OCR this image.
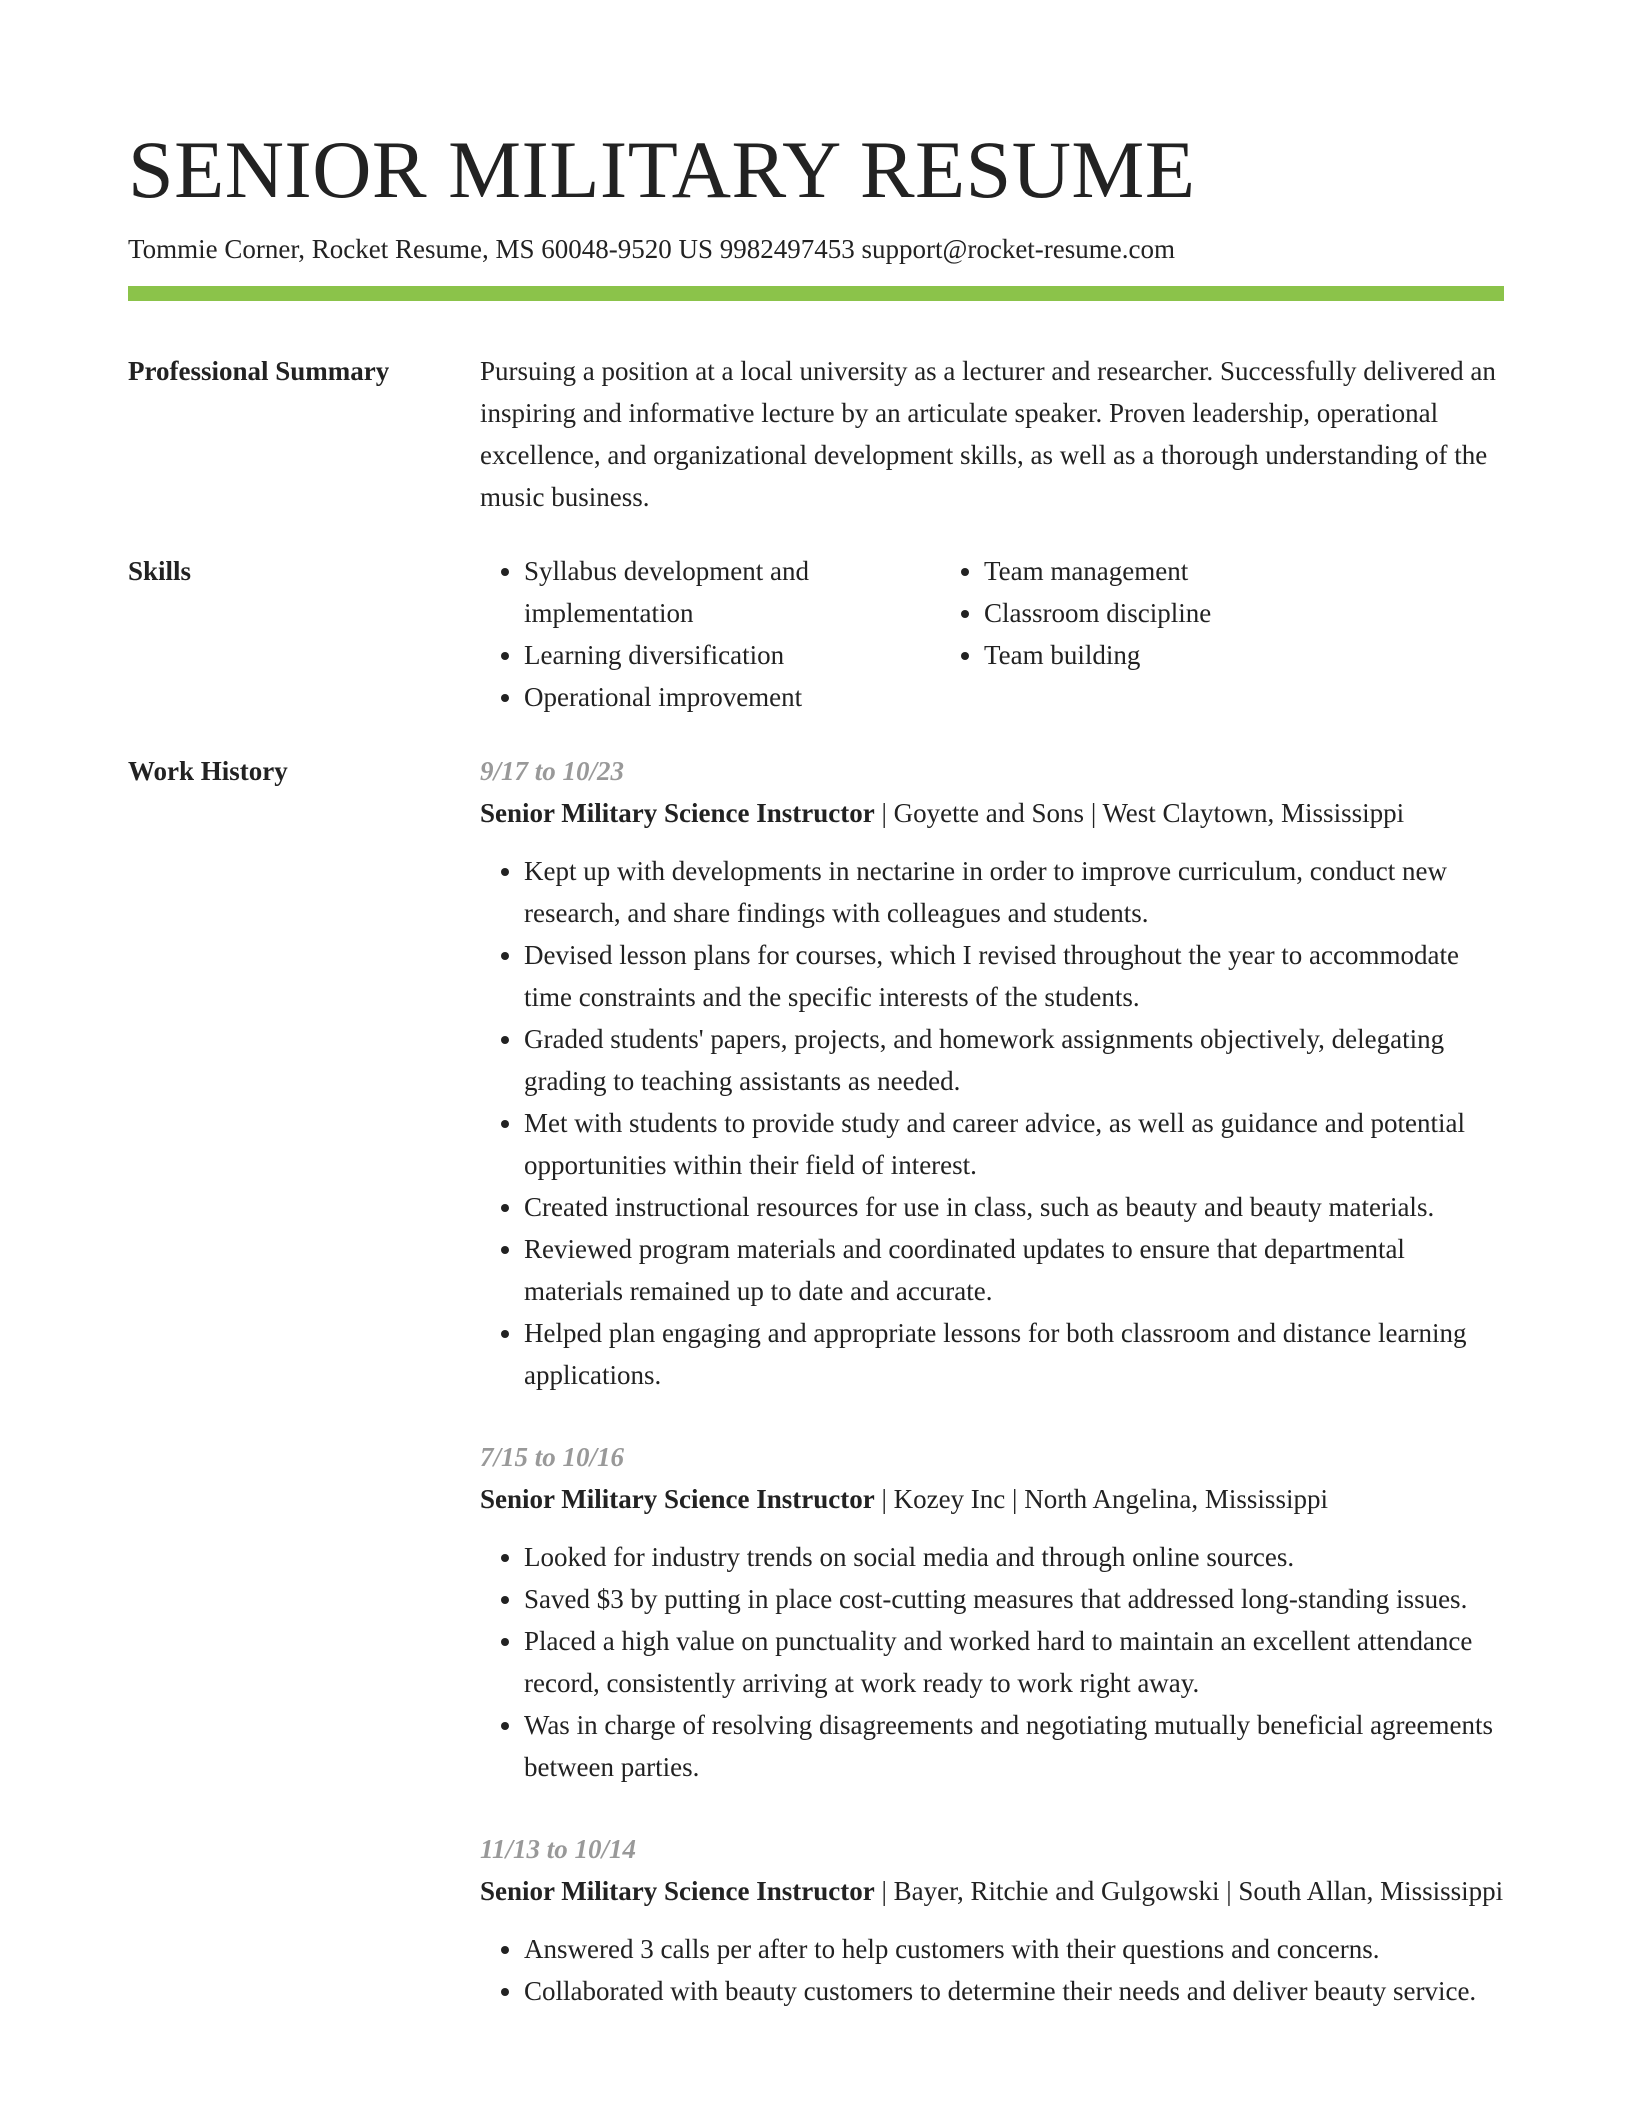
SENIOR MILITARY RESUME
Tommie Corner, Rocket Resume, MS 60048-9520 US 9982497453 support@rocket-resume.com
Professional Summary	Pursuing a position at a local university as a lecturer and researcher. Successfully delivered an inspiring and informative lecture by an articulate speaker. Proven leadership, operational excellence, and organizational development skills, as well as a thorough understanding of the music business.

Skills
•	Syllabus development and implementation
• Learning diversification
• Operational improvement
• Team management
• Classroom discipline
• Team building
Work History	9/17 to 10/23
Senior Military Science Instructor | Goyette and Sons | West Claytown, Mississippi
• Kept up with developments in nectarine in order to improve curriculum, conduct new research, and share findings with colleagues and students.
• Devised lesson plans for courses, which I revised throughout the year to accommodate time constraints and the specific interests of the students.
• Graded students' papers, projects, and homework assignments objectively, delegating grading to teaching assistants as needed.
• Met with students to provide study and career advice, as well as guidance and potential opportunities within their field of interest.
• Created instructional resources for use in class, such as beauty and beauty materials.
• Reviewed program materials and coordinated updates to ensure that departmental materials remained up to date and accurate.
• Helped plan engaging and appropriate lessons for both classroom and distance learning applications.
7/15 to 10/16
Senior Military Science Instructor | Kozey Inc | North Angelina, Mississippi
• Looked for industry trends on social media and through online sources.
• Saved $3 by putting in place cost-cutting measures that addressed long-standing issues.
• Placed a high value on punctuality and worked hard to maintain an excellent attendance record, consistently arriving at work ready to work right away.
• Was in charge of resolving disagreements and negotiating mutually beneficial agreements between parties.
11/13 to 10/14
Senior Military Science Instructor | Bayer, Ritchie and Gulgowski | South Allan, Mississippi
• Answered 3 calls per after to help customers with their questions and concerns.
• Collaborated with beauty customers to determine their needs and deliver beauty service.
